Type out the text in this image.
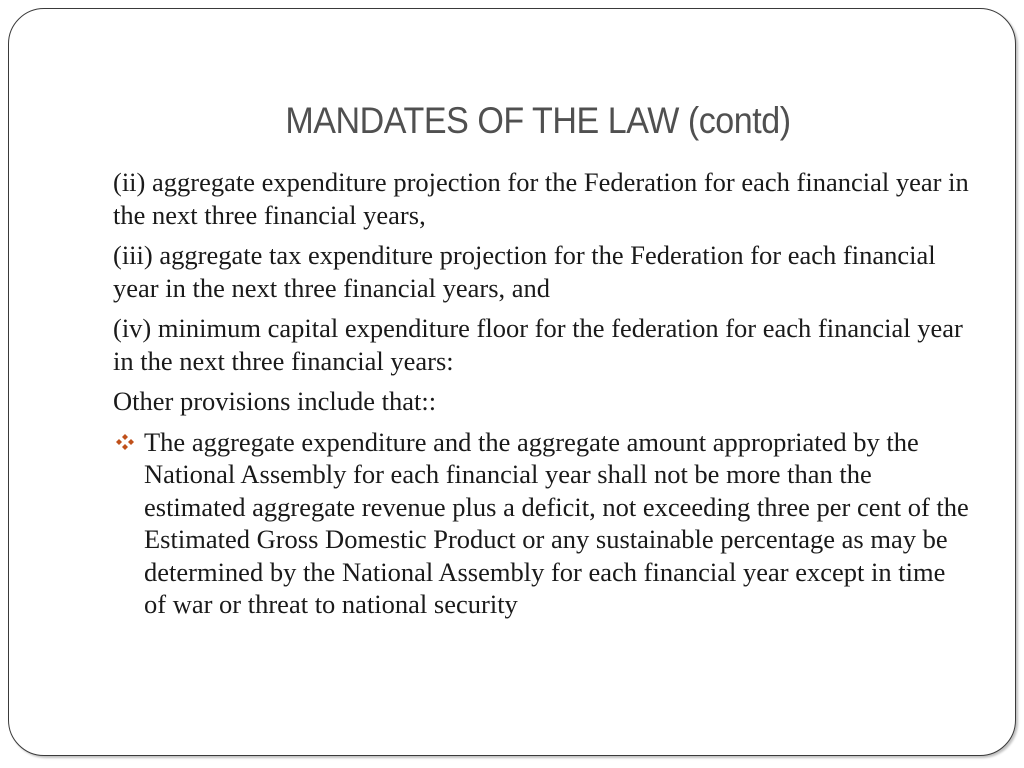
MANDATES OF THE LAW (contd)

(ii) aggregate expenditure projection for the Federation for each financial year in the next three financial years,

(iii) aggregate tax expenditure projection for the Federation for each financial year in the next three financial years, and

(iv) minimum capital expenditure floor for the federation for each financial year in the next three financial years:

Other provisions include that::

The aggregate expenditure and the aggregate amount appropriated by the National Assembly for each financial year shall not be more than the estimated aggregate revenue plus a deficit, not exceeding three per cent of the Estimated Gross Domestic Product or any sustainable percentage as may be determined by the National Assembly for each financial year except in time of war or threat to national security
